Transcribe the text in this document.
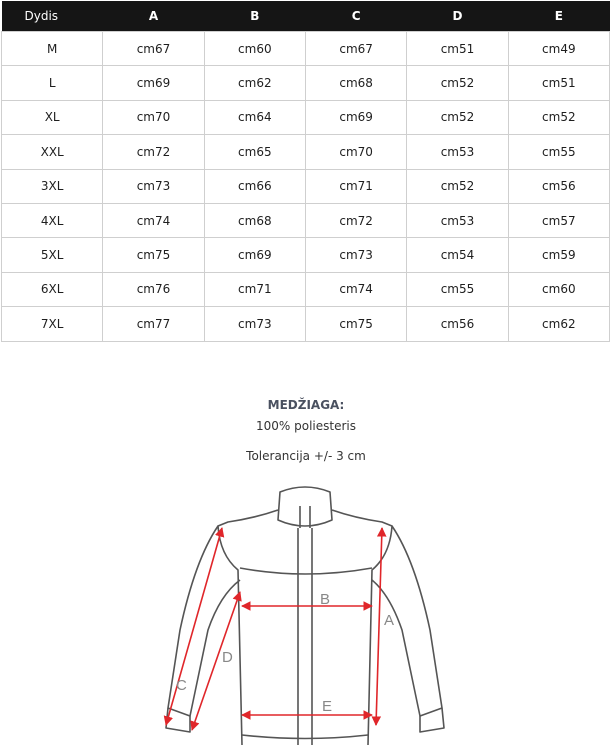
Dydis	A	B	C	D	E
M	cm67	cm60	cm67	cm51	cm49
L	cm69	cm62	cm68	cm52	cm51
XL	cm70	cm64	cm69	cm52	cm52
XXL	cm72	cm65	cm70	cm53	cm55
3XL	cm73	cm66	cm71	cm52	cm56
4XL	cm74	cm68	cm72	cm53	cm57
5XL	cm75	cm69	cm73	cm54	cm59
6XL	cm76	cm71	cm74	cm55	cm60
7XL	cm77	cm73	cm75	cm56	cm62
MEDŽIAGA:
100% poliesteris
Tolerancija +/- 3 cm
B
E
A
C
D
